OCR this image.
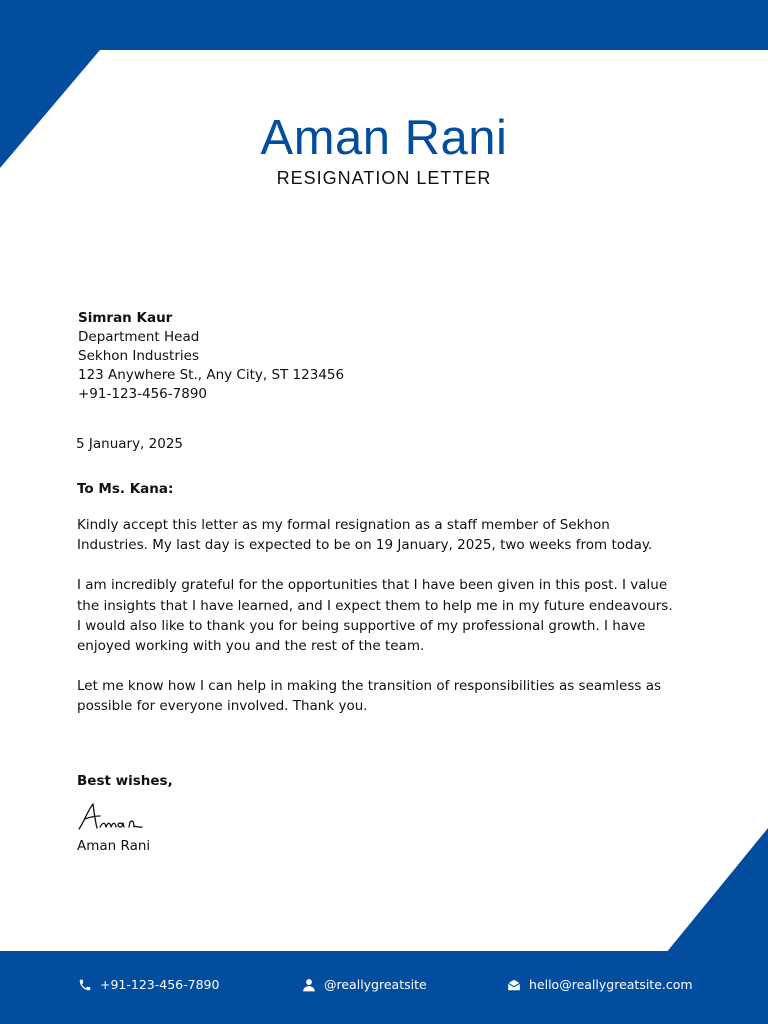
Aman Rani
RESIGNATION LETTER
Simran Kaur
Department Head
Sekhon Industries
123 Anywhere St., Any City, ST 123456
+91-123-456-7890
5 January, 2025
To Ms. Kana:

Kindly accept this letter as my formal resignation as a staff member of Sekhon Industries. My last day is expected to be on 19 January, 2025, two weeks from today.

I am incredibly grateful for the opportunities that I have been given in this post. I value the insights that I have learned, and I expect them to help me in my future endeavours. I would also like to thank you for being supportive of my professional growth. I have enjoyed working with you and the rest of the team.

Let me know how I can help in making the transition of responsibilities as seamless as possible for everyone involved. Thank you.

Best wishes,
Aman Rani
+91-123-456-7890	@reallygreatsite	hello@reallygreatsite.com
